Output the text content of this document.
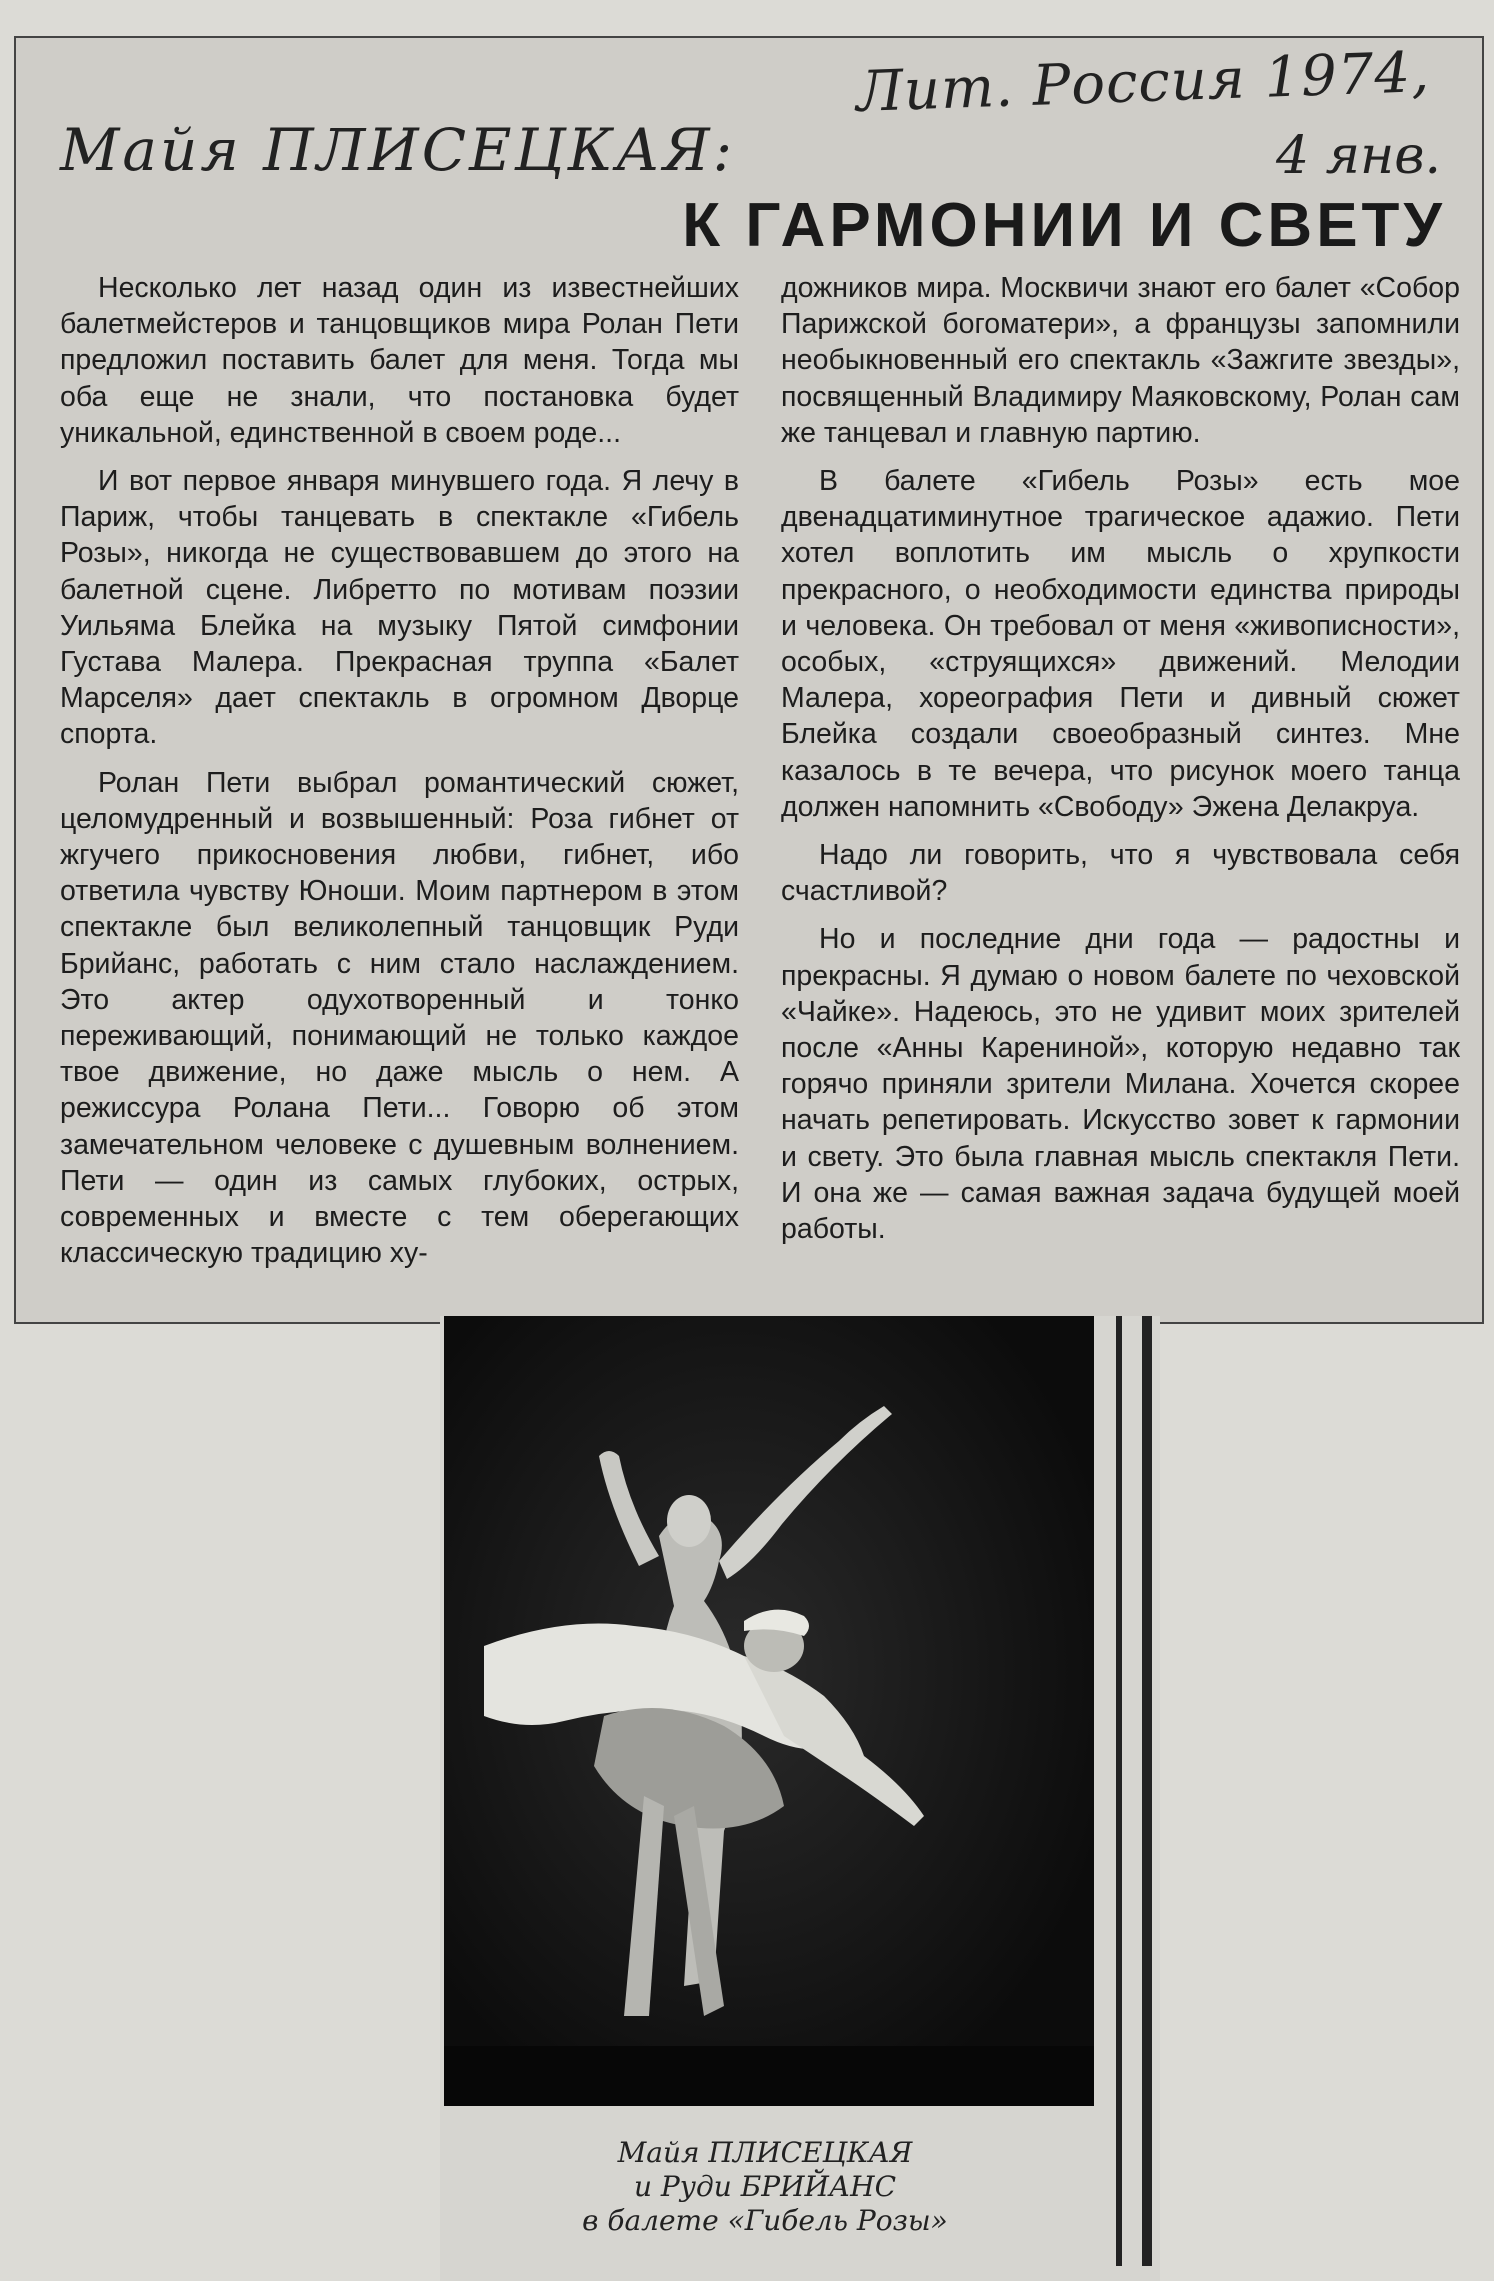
Лит. Россия 1974,
4 янв.
Майя ПЛИСЕЦКАЯ:
К ГАРМОНИИ И СВЕТУ

Несколько лет назад один из известнейших балетмейстеров и танцовщиков мира Ролан Пети предложил поставить балет для меня. Тогда мы оба еще не знали, что постановка будет уникальной, единственной в своем роде...

И вот первое января минувшего года. Я лечу в Париж, чтобы танцевать в спектакле «Гибель Розы», никогда не существовавшем до этого на балетной сцене. Либретто по мотивам поэзии Уильяма Блейка на музыку Пятой симфонии Густава Малера. Прекрасная труппа «Балет Марселя» дает спектакль в огромном Дворце спорта.

Ролан Пети выбрал романтический сюжет, целомудренный и возвышенный: Роза гибнет от жгучего прикосновения любви, гибнет, ибо ответила чувству Юноши. Моим партнером в этом спектакле был великолепный танцовщик Руди Брийанс, работать с ним стало наслаждением. Это актер одухотворенный и тонко переживающий, понимающий не только каждое твое движение, но даже мысль о нем. А режиссура Ролана Пети... Говорю об этом замечательном человеке с душевным волнением. Пети — один из самых глубоких, острых, современных и вместе с тем оберегающих классическую традицию ху-

дожников мира. Москвичи знают его балет «Собор Парижской богоматери», а французы запомнили необыкновенный его спектакль «Зажгите звезды», посвященный Владимиру Маяковскому, Ролан сам же танцевал и главную партию.

В балете «Гибель Розы» есть мое двенадцатиминутное трагическое адажио. Пети хотел воплотить им мысль о хрупкости прекрасного, о необходимости единства природы и человека. Он требовал от меня «живописности», особых, «струящихся» движений. Мелодии Малера, хореография Пети и дивный сюжет Блейка создали своеобразный синтез. Мне казалось в те вечера, что рисунок моего танца должен напомнить «Свободу» Эжена Делакруа.

Надо ли говорить, что я чувствовала себя счастливой?

Но и последние дни года — радостны и прекрасны. Я думаю о новом балете по чеховской «Чайке». Надеюсь, это не удивит моих зрителей после «Анны Карениной», которую недавно так горячо приняли зрители Милана. Хочется скорее начать репетировать. Искусство зовет к гармонии и свету. Это была главная мысль спектакля Пети. И она же — самая важная задача будущей моей работы.

Майя ПЛИСЕЦКАЯ
и Руди БРИЙАНС
в балете «Гибель Розы»
